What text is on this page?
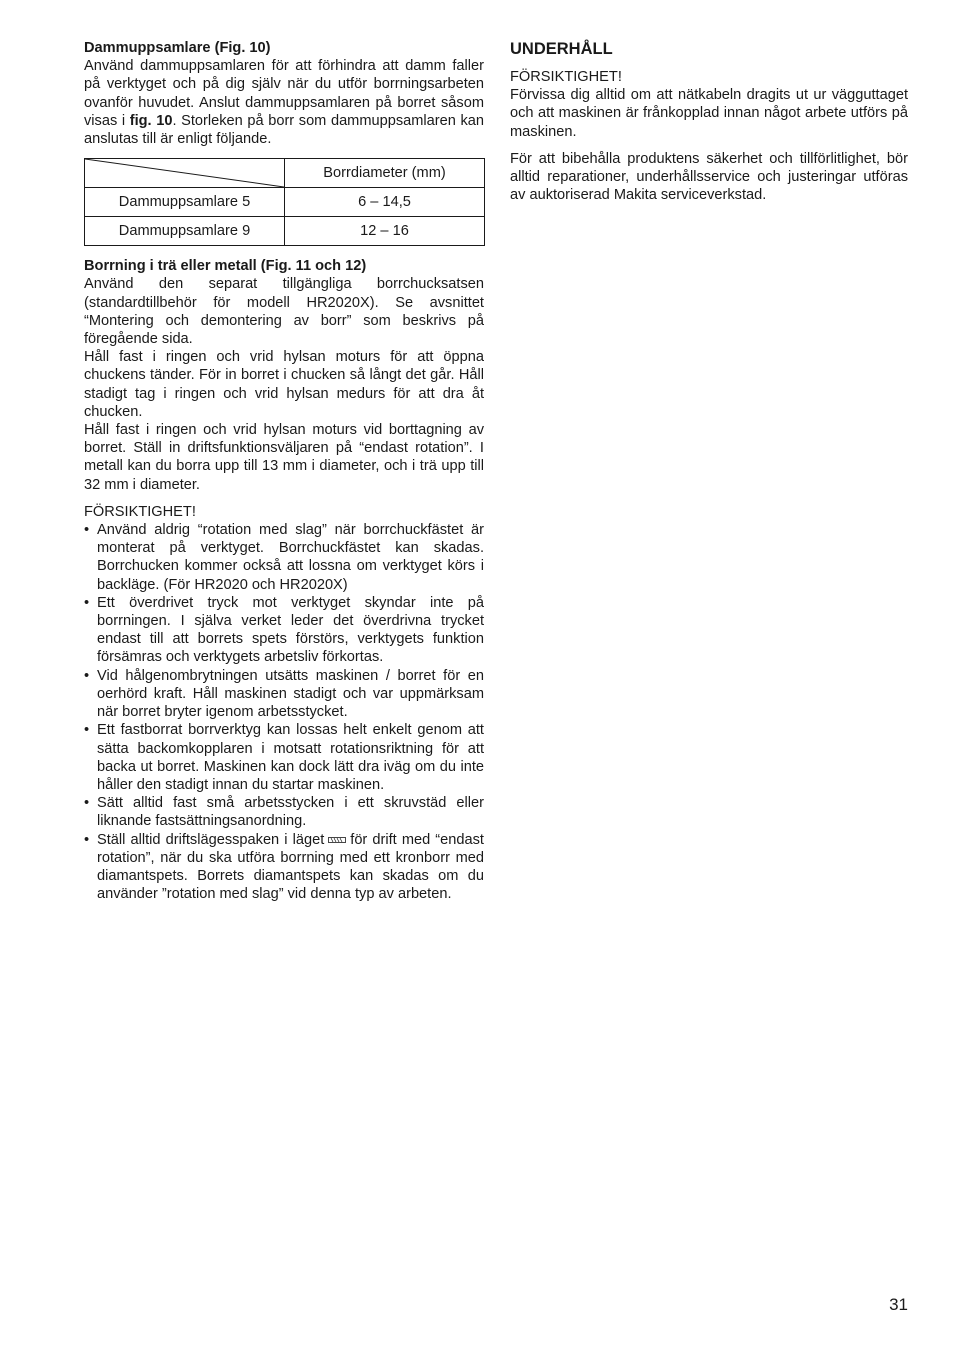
Dammuppsamlare (Fig. 10)

Använd dammuppsamlaren för att förhindra att damm faller på verktyget och på dig själv när du utför borrningsarbeten ovanför huvudet. Anslut dammuppsamlaren på borret såsom visas i fig. 10. Storleken på borr som dammuppsamlaren kan anslutas till är enligt följande.

	Borrdiameter (mm)
Dammuppsamlare 5	6 – 14,5
Dammuppsamlare 9	12 – 16

Borrning i trä eller metall (Fig. 11 och 12)

Använd den separat tillgängliga borrchucksatsen (standardtillbehör för modell HR2020X). Se avsnittet “Montering och demontering av borr” som beskrivs på föregående sida.

Håll fast i ringen och vrid hylsan moturs för att öppna chuckens tänder. För in borret i chucken så långt det går. Håll stadigt tag i ringen och vrid hylsan medurs för att dra åt chucken.

Håll fast i ringen och vrid hylsan moturs vid borttagning av borret. Ställ in driftsfunktionsväljaren på “endast rotation”. I metall kan du borra upp till 13 mm i diameter, och i trä upp till 32 mm i diameter.

FÖRSIKTIGHET!

• Använd aldrig “rotation med slag” när borrchuckfästet är monterat på verktyget. Borrchuckfästet kan skadas. Borrchucken kommer också att lossna om verktyget körs i backläge. (För HR2020 och HR2020X)
• Ett överdrivet tryck mot verktyget skyndar inte på borrningen. I själva verket leder det överdrivna trycket endast till att borrets spets förstörs, verktygets funktion försämras och verktygets arbetsliv förkortas.
• Vid hålgenombrytningen utsätts maskinen / borret för en oerhörd kraft. Håll maskinen stadigt och var uppmärksam när borret bryter igenom arbetsstycket.
• Ett fastborrat borrverktyg kan lossas helt enkelt genom att sätta backomkopplaren i motsatt rotationsriktning för att backa ut borret. Maskinen kan dock lätt dra iväg om du inte håller den stadigt innan du startar maskinen.
• Sätt alltid fast små arbetsstycken i ett skruvstäd eller liknande fastsättningsanordning.
• Ställ alltid driftslägesspaken i läget för drift med “endast rotation”, när du ska utföra borrning med ett kronborr med diamantspets. Borrets diamantspets kan skadas om du använder ”rotation med slag” vid denna typ av arbeten.

UNDERHÅLL

FÖRSIKTIGHET!

Förvissa dig alltid om att nätkabeln dragits ut ur vägguttaget och att maskinen är frånkopplad innan något arbete utförs på maskinen.

För att bibehålla produktens säkerhet och tillförlitlighet, bör alltid reparationer, underhållsservice och justeringar utföras av auktoriserad Makita serviceverkstad.

31
